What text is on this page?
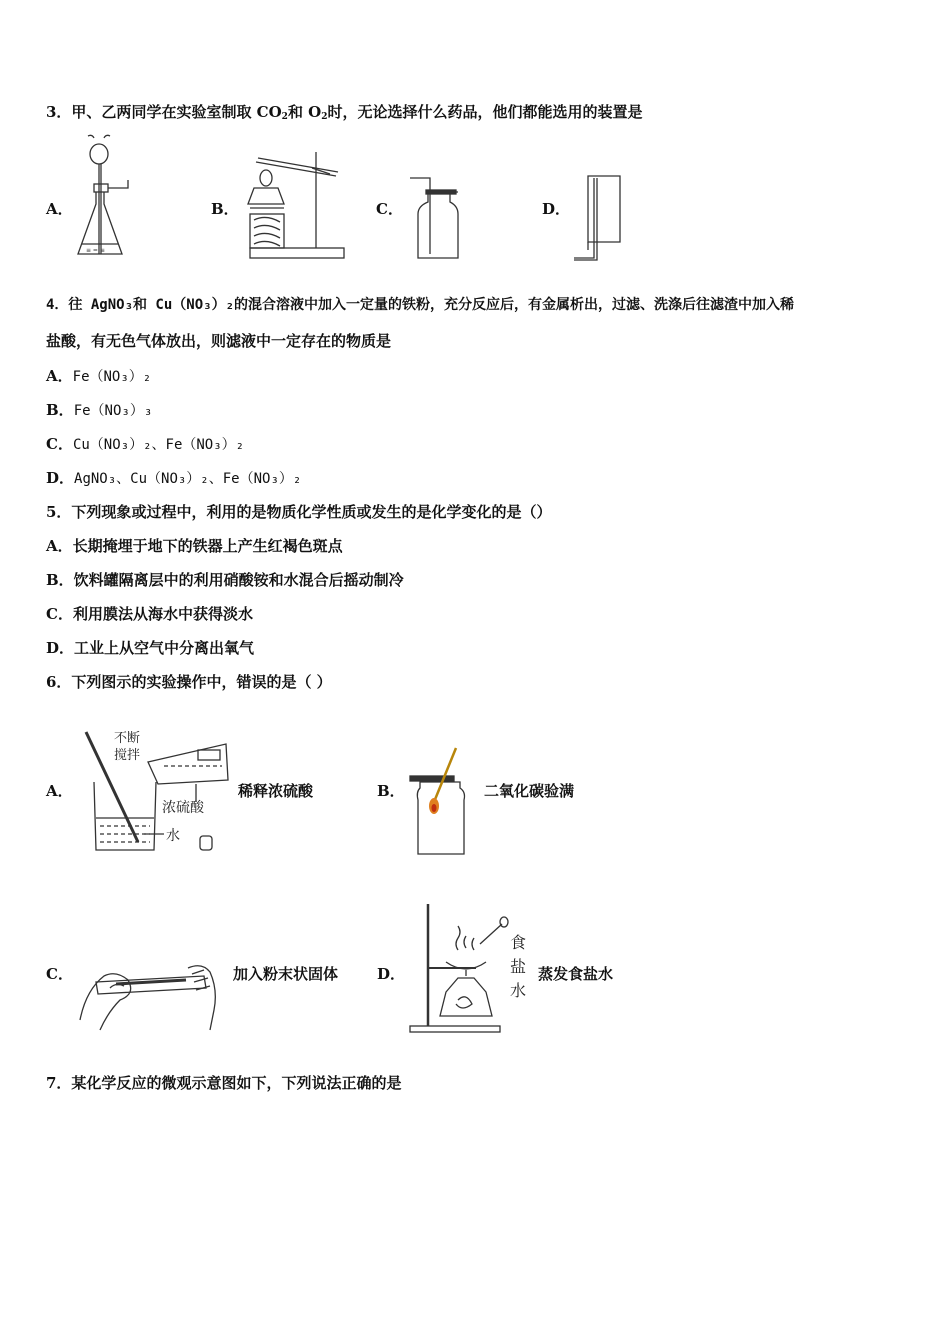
3．甲、乙两同学在实验室制取 $CO_2$和 $O_2$时，无论选择什么药品，他们都能选用的装置是
A．
≡ = ≡
B．	C．	D．
4．往 AgNO₃和 Cu（NO₃）₂的混合溶液中加入一定量的铁粉，充分反应后，有金属析出，过滤、洗涤后往滤渣中加入稀
盐酸，有无色气体放出，则滤液中一定存在的物质是
A．Fe（NO₃）₂
B．Fe（NO₃）₃
C．Cu（NO₃）₂、Fe（NO₃）₂
D．AgNO₃、Cu（NO₃）₂、Fe（NO₃）₂
5．下列现象或过程中，利用的是物质化学性质或发生的是化学变化的是（）
A．长期掩埋于地下的铁器上产生红褐色斑点
B．饮料罐隔离层中的利用硝酸铵和水混合后摇动制冷
C．利用膜法从海水中获得淡水
D．工业上从空气中分离出氧气
6．下列图示的实验操作中，错误的是（ ）
A．
不断
搅拌
浓硫酸
水
稀释浓硫酸	B．	二氧化碳验满
C．	加入粉末状固体	D．
食
盐
水
蒸发食盐水
7．某化学反应的微观示意图如下，下列说法正确的是
